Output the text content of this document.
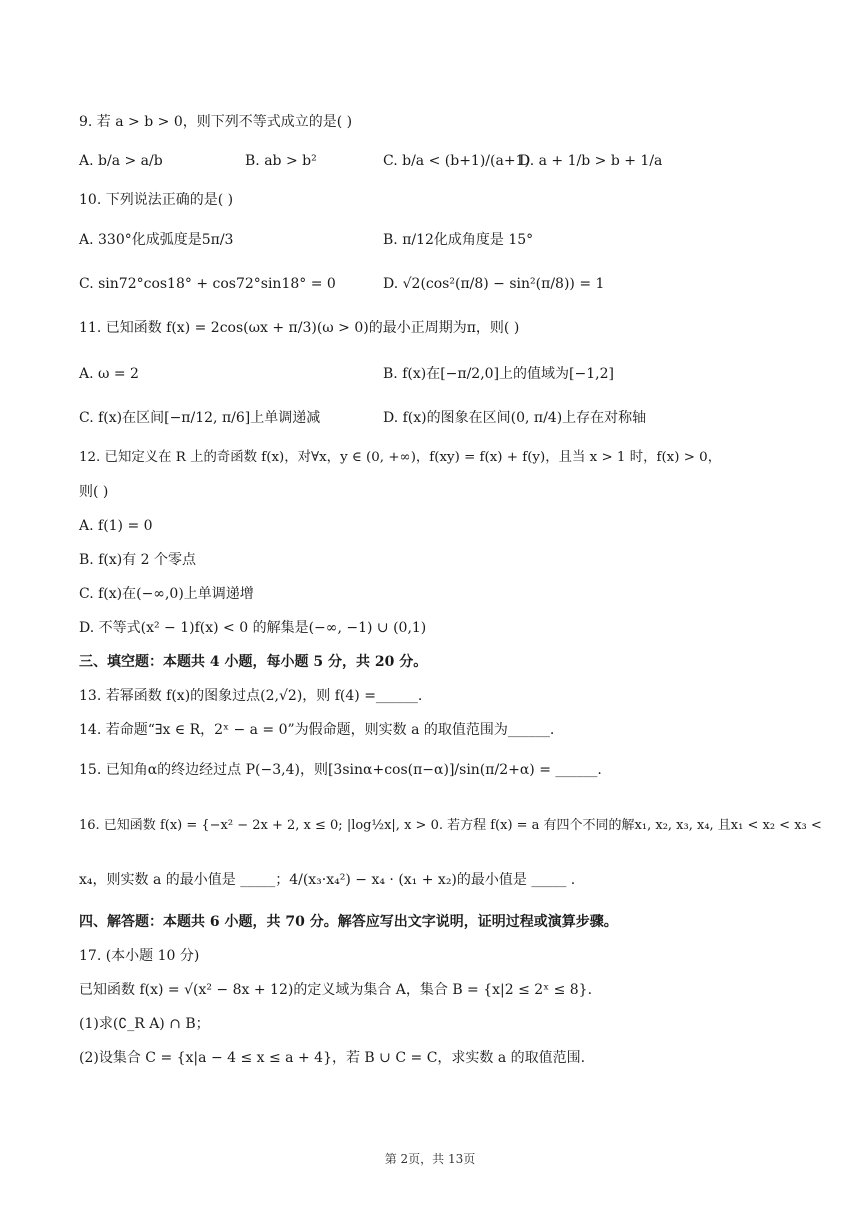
9. 若 a > b > 0，则下列不等式成立的是( )
A. b/a > a/b	B. ab > b²	C. b/a < (b+1)/(a+1)
D. a + 1/b > b + 1/a
10. 下列说法正确的是( )
A. 330°化成弧度是5π/3	B. π/12化成角度是 15°
C. sin72°cos18° + cos72°sin18° = 0	D. √2(cos²(π/8) − sin²(π/8)) = 1
11. 已知函数 f(x) = 2cos(ωx + π/3)(ω > 0)的最小正周期为π，则( )
A. ω = 2	B. f(x)在[−π/2,0]上的值域为[−1,2]
C. f(x)在区间[−π/12, π/6]上单调递减	D. f(x)的图象在区间(0, π/4)上存在对称轴
12. 已知定义在 R 上的奇函数 f(x)，对∀x，y ∈ (0, +∞)，f(xy) = f(x) + f(y)，且当 x > 1 时，f(x) > 0，
则( )
A. f(1) = 0
B. f(x)有 2 个零点
C. f(x)在(−∞,0)上单调递增
D. 不等式(x² − 1)f(x) < 0 的解集是(−∞, −1) ∪ (0,1)
三、填空题：本题共 4 小题，每小题 5 分，共 20 分。
13. 若幂函数 f(x)的图象过点(2,√2)，则 f(4) =______.
14. 若命题“∃x ∈ R，2ˣ − a = 0”为假命题，则实数 a 的取值范围为______.
15. 已知角α的终边经过点 P(−3,4)，则[3sinα+cos(π−α)]/sin(π/2+α) = ______.
16. 已知函数 f(x) = {−x² − 2x + 2, x ≤ 0; |log½x|, x > 0. 若方程 f(x) = a 有四个不同的解x₁, x₂, x₃, x₄, 且x₁ < x₂ < x₃ <
x₄，则实数 a 的最小值是 _____；4/(x₃·x₄²) − x₄ · (x₁ + x₂)的最小值是 _____ .
四、解答题：本题共 6 小题，共 70 分。解答应写出文字说明，证明过程或演算步骤。
17. (本小题 10 分)
已知函数 f(x) = √(x² − 8x + 12)的定义域为集合 A，集合 B = {x|2 ≤ 2ˣ ≤ 8}.
(1)求(∁_R A) ∩ B；
(2)设集合 C = {x|a − 4 ≤ x ≤ a + 4}，若 B ∪ C = C，求实数 a 的取值范围.
第 2页，共 13页
